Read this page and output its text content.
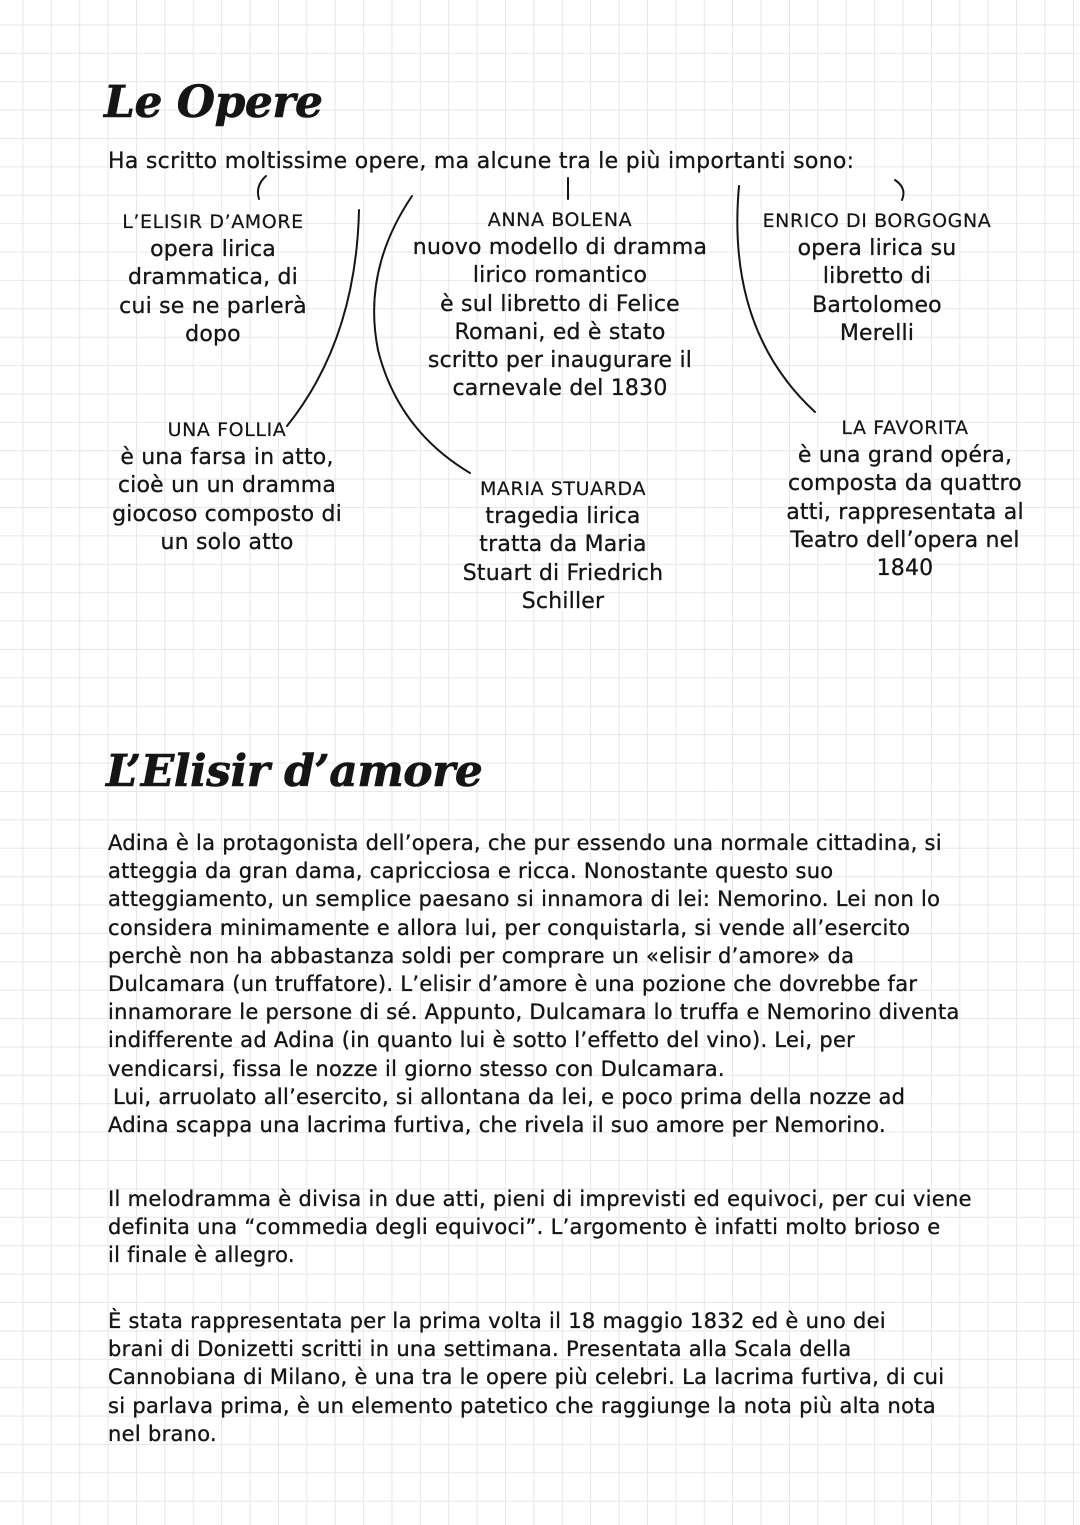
Le Opere
Ha scritto moltissime opere, ma alcune tra le più importanti sono:
L’ELISIR D’AMORE
opera lirica
drammatica, di
cui se ne parlerà
dopo
ANNA BOLENA
nuovo modello di dramma
lirico romantico
è sul libretto di Felice
Romani, ed è stato
scritto per inaugurare il
carnevale del 1830
ENRICO DI BORGOGNA
opera lirica su
libretto di
Bartolomeo
Merelli
UNA FOLLIA
è una farsa in atto,
cioè un un dramma
giocoso composto di
un solo atto
MARIA STUARDA
tragedia lirica
tratta da Maria
Stuart di Friedrich
Schiller
LA FAVORITA
è una grand opéra,
composta da quattro
atti, rappresentata al
Teatro dell’opera nel
1840
L’Elisir d’amore
Adina è la protagonista dell’opera, che pur essendo una normale cittadina, si
atteggia da gran dama, capricciosa e ricca. Nonostante questo suo
atteggiamento, un semplice paesano si innamora di lei: Nemorino. Lei non lo
considera minimamente e allora lui, per conquistarla, si vende all’esercito
perchè non ha abbastanza soldi per comprare un «elisir d’amore» da
Dulcamara (un truffatore). L’elisir d’amore è una pozione che dovrebbe far
innamorare le persone di sé. Appunto, Dulcamara lo truffa e Nemorino diventa
indifferente ad Adina (in quanto lui è sotto l’effetto del vino). Lei, per
vendicarsi, fissa le nozze il giorno stesso con Dulcamara.
Lui, arruolato all’esercito, si allontana da lei, e poco prima della nozze ad
Adina scappa una lacrima furtiva, che rivela il suo amore per Nemorino.
Il melodramma è divisa in due atti, pieni di imprevisti ed equivoci, per cui viene
definita una “commedia degli equivoci”. L’argomento è infatti molto brioso e
il finale è allegro.
È stata rappresentata per la prima volta il 18 maggio 1832 ed è uno dei
brani di Donizetti scritti in una settimana. Presentata alla Scala della
Cannobiana di Milano, è una tra le opere più celebri. La lacrima furtiva, di cui
si parlava prima, è un elemento patetico che raggiunge la nota più alta nota
nel brano.
